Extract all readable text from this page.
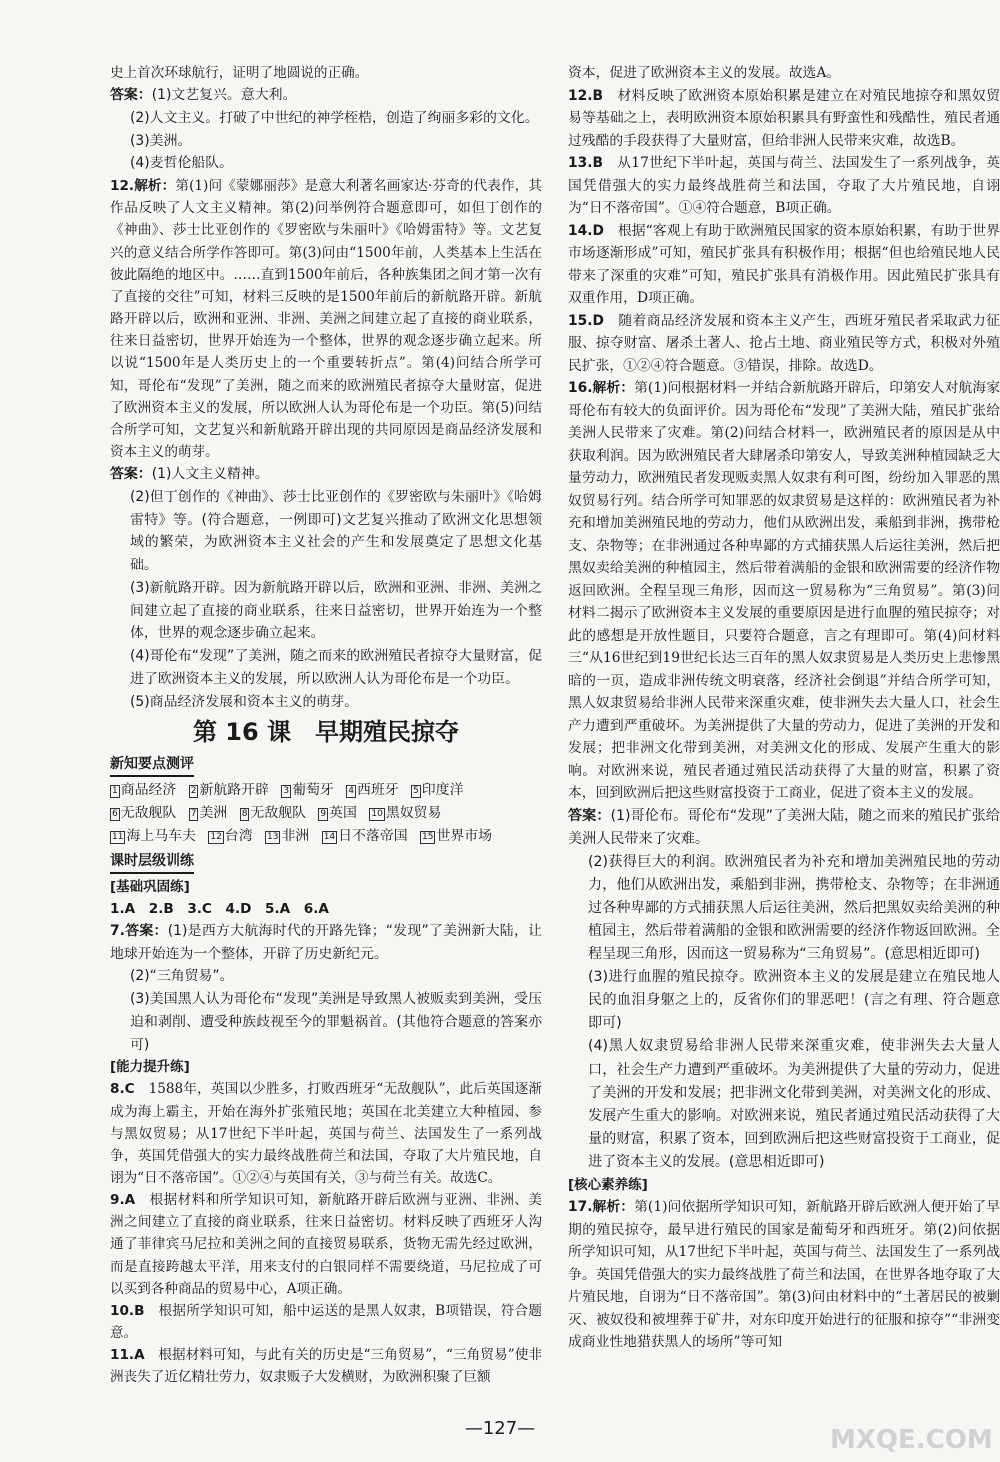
史上首次环球航行，证明了地圆说的正确。

答案：(1)文艺复兴。意大利。

(2)人文主义。打破了中世纪的神学桎梏，创造了绚丽多彩的文化。

(3)美洲。

(4)麦哲伦船队。

12.解析：第(1)问《蒙娜丽莎》是意大利著名画家达·芬奇的代表作，其作品反映了人文主义精神。第(2)问举例符合题意即可，如但丁创作的《神曲》、莎士比亚创作的《罗密欧与朱丽叶》《哈姆雷特》等。文艺复兴的意义结合所学作答即可。第(3)问由“1500年前，人类基本上生活在彼此隔绝的地区中。……直到1500年前后，各种族集团之间才第一次有了直接的交往”可知，材料三反映的是1500年前后的新航路开辟。新航路开辟以后，欧洲和亚洲、非洲、美洲之间建立起了直接的商业联系，往来日益密切，世界开始连为一个整体，世界的观念逐步确立起来。所以说“1500年是人类历史上的一个重要转折点”。第(4)问结合所学可知，哥伦布“发现”了美洲，随之而来的欧洲殖民者掠夺大量财富，促进了欧洲资本主义的发展，所以欧洲人认为哥伦布是一个功臣。第(5)问结合所学可知，文艺复兴和新航路开辟出现的共同原因是商品经济发展和资本主义的萌芽。

答案：(1)人文主义精神。

(2)但丁创作的《神曲》、莎士比亚创作的《罗密欧与朱丽叶》《哈姆雷特》等。(符合题意，一例即可)文艺复兴推动了欧洲文化思想领域的繁荣，为欧洲资本主义社会的产生和发展奠定了思想文化基础。

(3)新航路开辟。因为新航路开辟以后，欧洲和亚洲、非洲、美洲之间建立起了直接的商业联系，往来日益密切，世界开始连为一个整体，世界的观念逐步确立起来。

(4)哥伦布“发现”了美洲，随之而来的欧洲殖民者掠夺大量财富，促进了欧洲资本主义的发展，所以欧洲人认为哥伦布是一个功臣。

(5)商品经济发展和资本主义的萌芽。

第 16 课　早期殖民掠夺
新知要点测评
1 商品经济 2 新航路开辟 3 葡萄牙 4 西班牙 5 印度洋 6 无敌舰队 7 美洲 8 无敌舰队 9 英国 10 黑奴贸易 11 海上马车夫 12 台湾 13 非洲 14 日不落帝国 15 世界市场
课时层级训练
[基础巩固练]

1.A　2.B　3.C　4.D　5.A　6.A

7.答案：(1)是西方大航海时代的开路先锋；“发现”了美洲新大陆，让地球开始连为一个整体，开辟了历史新纪元。

(2)“三角贸易”。

(3)美国黑人认为哥伦布“发现”美洲是导致黑人被贩卖到美洲，受压迫和剥削、遭受种族歧视至今的罪魁祸首。(其他符合题意的答案亦可)

[能力提升练]

8.C　1588年，英国以少胜多，打败西班牙“无敌舰队”，此后英国逐渐成为海上霸主，开始在海外扩张殖民地；英国在北美建立大种植园、参与黑奴贸易；从17世纪下半叶起，英国与荷兰、法国发生了一系列战争，英国凭借强大的实力最终战胜荷兰和法国，夺取了大片殖民地，自诩为“日不落帝国”。①②④与英国有关，③与荷兰有关。故选C。

9.A　根据材料和所学知识可知，新航路开辟后欧洲与亚洲、非洲、美洲之间建立了直接的商业联系，往来日益密切。材料反映了西班牙人沟通了菲律宾马尼拉和美洲之间的直接贸易联系，货物无需先经过欧洲，而是直接跨越太平洋，用来支付的白银同样不需要绕道，马尼拉成了可以买到各种商品的贸易中心，A项正确。

10.B　根据所学知识可知，船中运送的是黑人奴隶，B项错误，符合题意。

11.A　根据材料可知，与此有关的历史是“三角贸易”，“三角贸易”使非洲丧失了近亿精壮劳力，奴隶贩子大发横财，为欧洲积聚了巨额

资本，促进了欧洲资本主义的发展。故选A。

12.B　材料反映了欧洲资本原始积累是建立在对殖民地掠夺和黑奴贸易等基础之上，表明欧洲资本原始积累具有野蛮性和残酷性，殖民者通过残酷的手段获得了大量财富，但给非洲人民带来灾难，故选B。

13.B　从17世纪下半叶起，英国与荷兰、法国发生了一系列战争，英国凭借强大的实力最终战胜荷兰和法国，夺取了大片殖民地，自诩为“日不落帝国”。①④符合题意，B项正确。

14.D　根据“客观上有助于欧洲殖民国家的资本原始积累，有助于世界市场逐渐形成”可知，殖民扩张具有积极作用；根据“但也给殖民地人民带来了深重的灾难”可知，殖民扩张具有消极作用。因此殖民扩张具有双重作用，D项正确。

15.D　随着商品经济发展和资本主义产生，西班牙殖民者采取武力征服、掠夺财富、屠杀土著人、抢占土地、商业殖民等方式，积极对外殖民扩张，①②④符合题意。③错误，排除。故选D。

16.解析：第(1)问根据材料一并结合新航路开辟后，印第安人对航海家哥伦布有较大的负面评价。因为哥伦布“发现”了美洲大陆，殖民扩张给美洲人民带来了灾难。第(2)问结合材料一，欧洲殖民者的原因是从中获取利润。因为欧洲殖民者大肆屠杀印第安人，导致美洲种植园缺乏大量劳动力，欧洲殖民者发现贩卖黑人奴隶有利可图，纷纷加入罪恶的黑奴贸易行列。结合所学可知罪恶的奴隶贸易是这样的：欧洲殖民者为补充和增加美洲殖民地的劳动力，他们从欧洲出发，乘船到非洲，携带枪支、杂物等；在非洲通过各种卑鄙的方式捕获黑人后运往美洲，然后把黑奴卖给美洲的种植园主，然后带着满船的金银和欧洲需要的经济作物返回欧洲。全程呈现三角形，因而这一贸易称为“三角贸易”。第(3)问材料二揭示了欧洲资本主义发展的重要原因是进行血腥的殖民掠夺；对此的感想是开放性题目，只要符合题意，言之有理即可。第(4)问材料三“从16世纪到19世纪长达三百年的黑人奴隶贸易是人类历史上悲惨黑暗的一页，造成非洲传统文明衰落，经济社会倒退”并结合所学可知，黑人奴隶贸易给非洲人民带来深重灾难，使非洲失去大量人口，社会生产力遭到严重破坏。为美洲提供了大量的劳动力，促进了美洲的开发和发展；把非洲文化带到美洲，对美洲文化的形成、发展产生重大的影响。对欧洲来说，殖民者通过殖民活动获得了大量的财富，积累了资本，回到欧洲后把这些财富投资于工商业，促进了资本主义的发展。

答案：(1)哥伦布。哥伦布“发现”了美洲大陆，随之而来的殖民扩张给美洲人民带来了灾难。

(2)获得巨大的利润。欧洲殖民者为补充和增加美洲殖民地的劳动力，他们从欧洲出发，乘船到非洲，携带枪支、杂物等；在非洲通过各种卑鄙的方式捕获黑人后运往美洲，然后把黑奴卖给美洲的种植园主，然后带着满船的金银和欧洲需要的经济作物返回欧洲。全程呈现三角形，因而这一贸易称为“三角贸易”。(意思相近即可)

(3)进行血腥的殖民掠夺。欧洲资本主义的发展是建立在殖民地人民的血泪身躯之上的，反省你们的罪恶吧！(言之有理、符合题意即可)

(4)黑人奴隶贸易给非洲人民带来深重灾难，使非洲失去大量人口，社会生产力遭到严重破坏。为美洲提供了大量的劳动力，促进了美洲的开发和发展；把非洲文化带到美洲，对美洲文化的形成、发展产生重大的影响。对欧洲来说，殖民者通过殖民活动获得了大量的财富，积累了资本，回到欧洲后把这些财富投资于工商业，促进了资本主义的发展。(意思相近即可)

[核心素养练]

17.解析：第(1)问依据所学知识可知，新航路开辟后欧洲人便开始了早期的殖民掠夺，最早进行殖民的国家是葡萄牙和西班牙。第(2)问依据所学知识可知，从17世纪下半叶起，英国与荷兰、法国发生了一系列战争。英国凭借强大的实力最终战胜了荷兰和法国，在世界各地夺取了大片殖民地，自诩为“日不落帝国”。第(3)问由材料中的“土著居民的被剿灭、被奴役和被埋葬于矿井，对东印度开始进行的征服和掠夺”“非洲变成商业性地猎获黑人的场所”等可知

—127—	MXQE.COM
